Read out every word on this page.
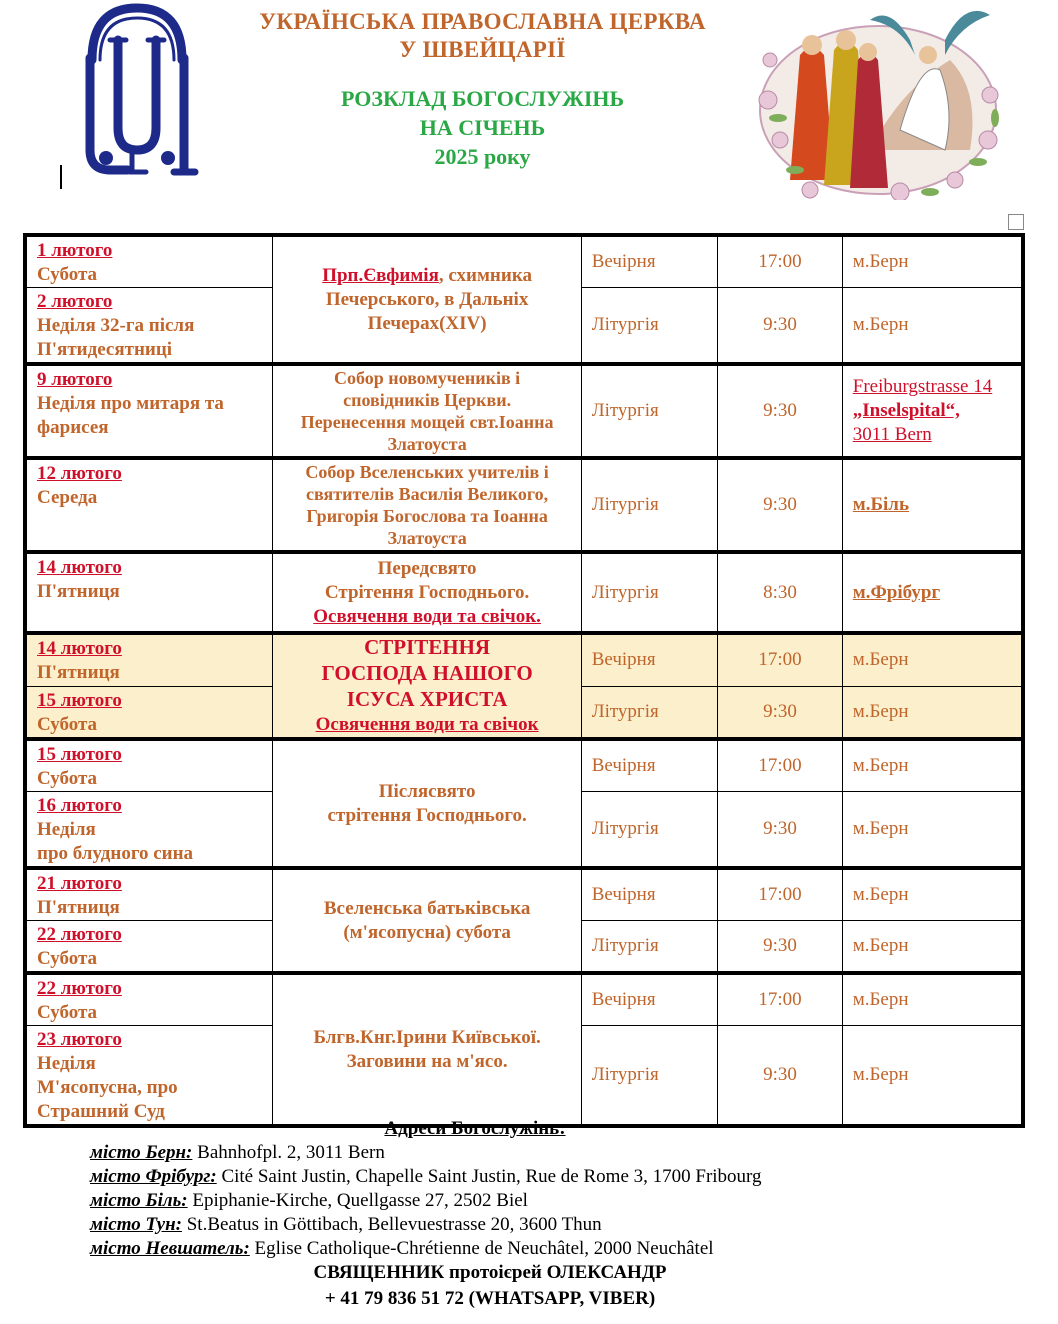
УКРАЇНСЬКА ПРАВОСЛАВНА ЦЕРКВА
У ШВЕЙЦАРІЇ
РОЗКЛАД БОГОСЛУЖІНЬ
НА СІЧЕНЬ
2025 року
1 лютого
Субота	Прп.Євфимія, схимника
Печерського, в Дальніх
Печерах(XIV)	Вечірня	17:00	м.Берн

2 лютого
Неділя 32-га після
П'ятидесятниці		Літургія	9:30	м.Берн

9 лютого
Неділя про митаря та
фарисея	Собор новомучеників і
сповідників Церкви.
Перенесення мощей свт.Іоанна
Златоуста	Літургія	9:30	Freiburgstrasse 14
„Inselspital“,
3011 Bern

12 лютого
Середа	Собор Вселенських учителів і
святителів Василія Великого,
Григорія Богослова та Іоанна
Златоуста	Літургія	9:30	м.Біль

14 лютого
П'ятниця	Передсвято
Стрітення Господнього.
Освячення води та свічок.	Літургія	8:30	м.Фрібург

14 лютого
П'ятниця	СТРІТЕННЯ
ГОСПОДА НАШОГО
ІСУСА ХРИСТА
Освячення води та свічок	Вечірня	17:00	м.Берн

15 лютого
Субота		Літургія	9:30	м.Берн

15 лютого
Субота	Післясвято
стрітення Господнього.	Вечірня	17:00	м.Берн

16 лютого
Неділя
про блудного сина		Літургія	9:30	м.Берн

21 лютого
П'ятниця	Вселенська батьківська
(м'ясопусна) субота	Вечірня	17:00	м.Берн

22 лютого
Субота		Літургія	9:30	м.Берн

22 лютого
Субота	Блгв.Кнг.Ірини Київської.
Заговини на м'ясо.	Вечірня	17:00	м.Берн

23 лютого
Неділя
М'ясопусна, про
Страшний Суд		Літургія	9:30	м.Берн
Адреси Богослужінь:
місто Берн: Bahnhofpl. 2, 3011 Bern
місто Фрібург: Cité Saint Justin, Chapelle Saint Justin, Rue de Rome 3, 1700 Fribourg
місто Біль: Epiphanie-Kirche, Quellgasse 27, 2502 Biel
місто Тун: St.Beatus in Göttibach, Bellevuestrasse 20, 3600 Thun
місто Невшатель: Eglise Catholique-Chrétienne de Neuchâtel, 2000 Neuchâtel
СВЯЩЕННИК протоієрей ОЛЕКСАНДР
+ 41 79 836 51 72 (WHATSAPP, VIBER)
